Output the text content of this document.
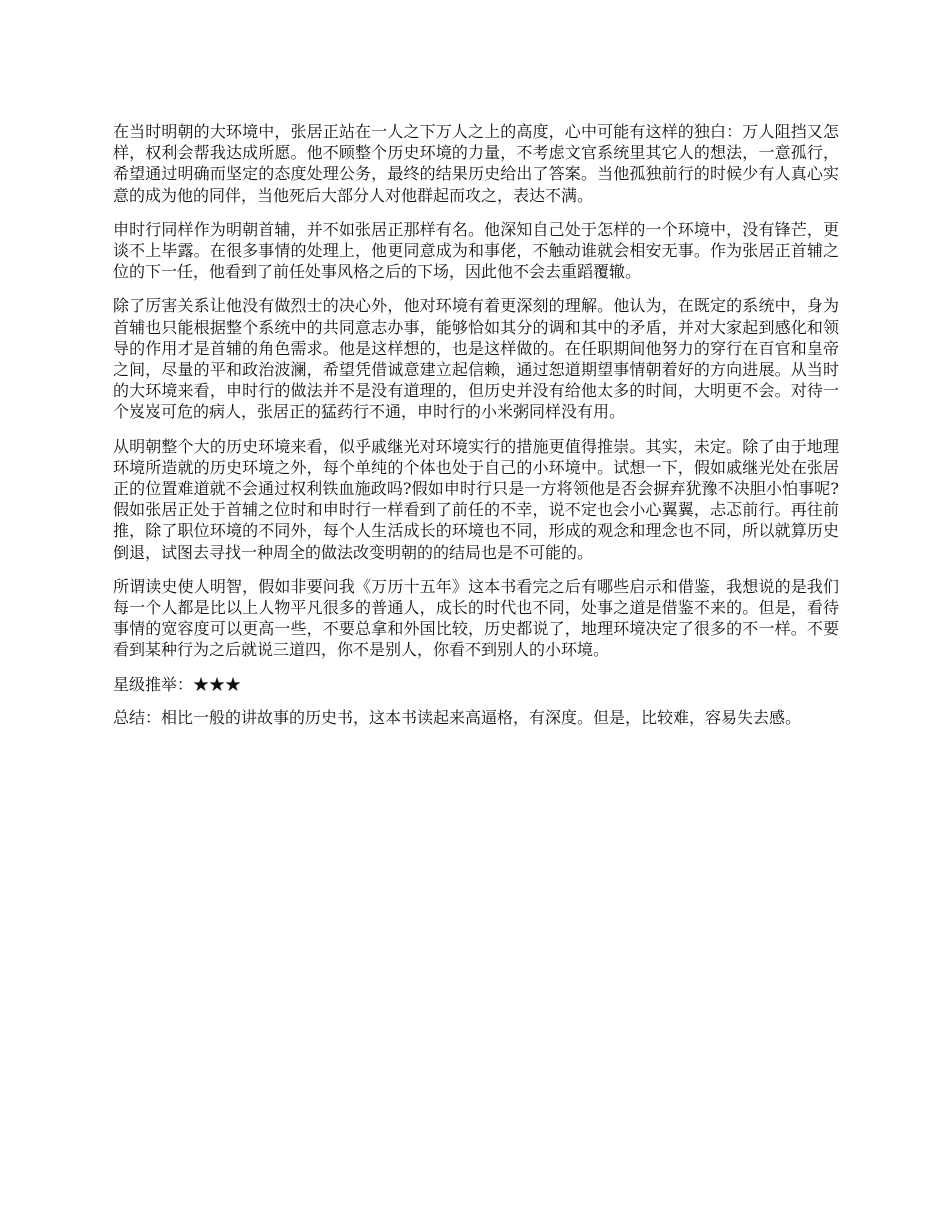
在当时明朝的大环境中，张居正站在一人之下万人之上的高度，心中可能有这样的独白：万人阻挡又怎样，权利会帮我达成所愿。他不顾整个历史环境的力量，不考虑文官系统里其它人的想法，一意孤行，希望通过明确而坚定的态度处理公务，最终的结果历史给出了答案。当他孤独前行的时候少有人真心实意的成为他的同伴，当他死后大部分人对他群起而攻之，表达不满。

申时行同样作为明朝首辅，并不如张居正那样有名。他深知自己处于怎样的一个环境中，没有锋芒，更谈不上毕露。在很多事情的处理上，他更同意成为和事佬，不触动谁就会相安无事。作为张居正首辅之位的下一任，他看到了前任处事风格之后的下场，因此他不会去重蹈覆辙。

除了厉害关系让他没有做烈士的决心外，他对环境有着更深刻的理解。他认为，在既定的系统中，身为首辅也只能根据整个系统中的共同意志办事，能够恰如其分的调和其中的矛盾，并对大家起到感化和领导的作用才是首辅的角色需求。他是这样想的，也是这样做的。在任职期间他努力的穿行在百官和皇帝之间，尽量的平和政治波澜，希望凭借诚意建立起信赖，通过恕道期望事情朝着好的方向进展。从当时的大环境来看，申时行的做法并不是没有道理的，但历史并没有给他太多的时间，大明更不会。对待一个岌岌可危的病人，张居正的猛药行不通，申时行的小米粥同样没有用。

从明朝整个大的历史环境来看，似乎戚继光对环境实行的措施更值得推崇。其实，未定。除了由于地理环境所造就的历史环境之外，每个单纯的个体也处于自己的小环境中。试想一下，假如戚继光处在张居正的位置难道就不会通过权利铁血施政吗?假如申时行只是一方将领他是否会摒弃犹豫不决胆小怕事呢?假如张居正处于首辅之位时和申时行一样看到了前任的不幸，说不定也会小心翼翼，忐忑前行。再往前推，除了职位环境的不同外，每个人生活成长的环境也不同，形成的观念和理念也不同，所以就算历史倒退，试图去寻找一种周全的做法改变明朝的的结局也是不可能的。

所谓读史使人明智，假如非要问我《万历十五年》这本书看完之后有哪些启示和借鉴，我想说的是我们每一个人都是比以上人物平凡很多的普通人，成长的时代也不同，处事之道是借鉴不来的。但是，看待事情的宽容度可以更高一些，不要总拿和外国比较，历史都说了，地理环境决定了很多的不一样。不要看到某种行为之后就说三道四，你不是别人，你看不到别人的小环境。

星级推举：★★★

总结：相比一般的讲故事的历史书，这本书读起来高逼格，有深度。但是，比较难，容易失去感。
